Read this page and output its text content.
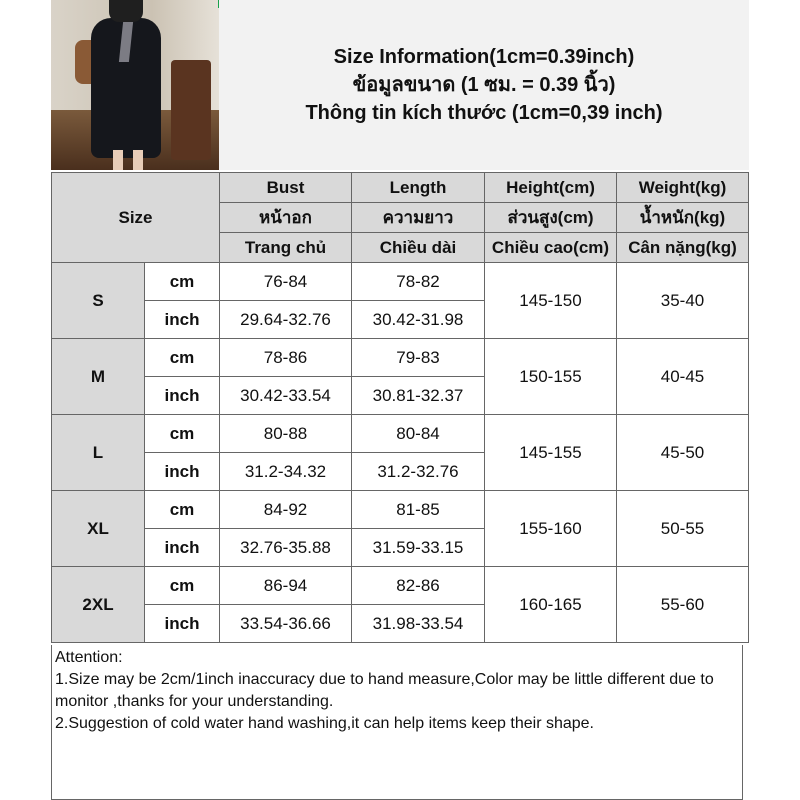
Size Information(1cm=0.39inch)
ข้อมูลขนาด (1 ซม. = 0.39 นิ้ว)
Thông tin kích thước (1cm=0,39 inch)
Size		Bust	Length	Height(cm)	Weight(kg)
		หน้าอก	ความยาว	ส่วนสูง(cm)	น้ำหนัก(kg)
		Trang chủ	Chiều dài	Chiều cao(cm)	Cân nặng(kg)
S	cm	76-84	78-82	145-150	35-40
	inch	29.64-32.76	30.42-31.98		
M	cm	78-86	79-83	150-155	40-45
	inch	30.42-33.54	30.81-32.37		
L	cm	80-88	80-84	145-155	45-50
	inch	31.2-34.32	31.2-32.76		
XL	cm	84-92	81-85	155-160	50-55
	inch	32.76-35.88	31.59-33.15		
2XL	cm	86-94	82-86	160-165	55-60
	inch	33.54-36.66	31.98-33.54		
Attention:
1.Size may be 2cm/1inch inaccuracy due to hand measure,Color may be little different due to monitor ,thanks for your understanding.
2.Suggestion of cold water hand washing,it can help items keep their shape.
